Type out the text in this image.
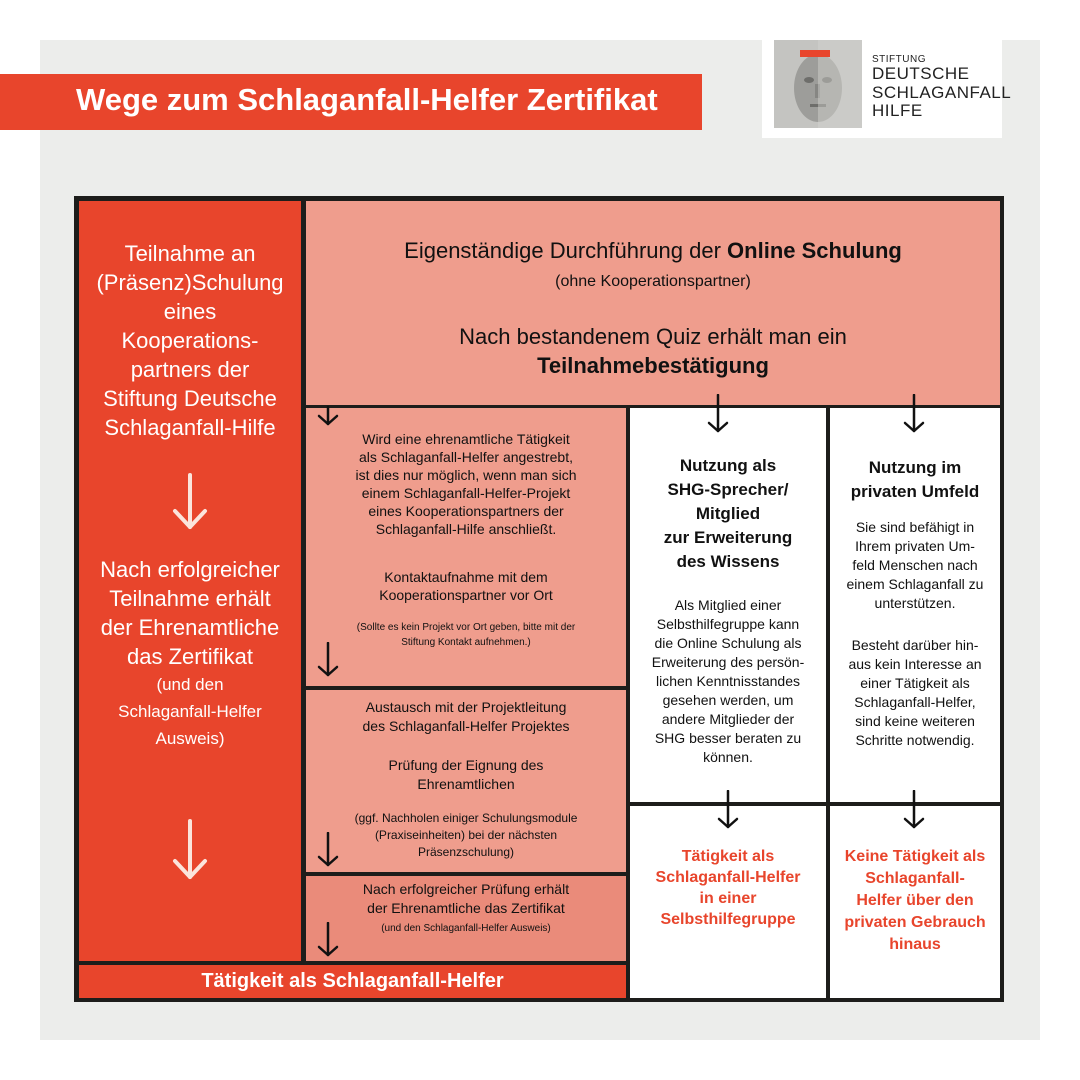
Wege zum Schlaganfall-Helfer Zertifikat
STIFTUNG
DEUTSCHE
SCHLAGANFALL
HILFE
Teilnahme an
(Präsenz)Schulung
eines
Kooperations-
partners der
Stiftung Deutsche
Schlaganfall-Hilfe
Nach erfolgreicher
Teilnahme erhält
der Ehrenamtliche
das Zertifikat
(und den
Schlaganfall-Helfer
Ausweis)
Eigenständige Durchführung der Online Schulung
(ohne Kooperationspartner)
Nach bestandenem Quiz erhält man ein
Teilnahmebestätigung
Wird eine ehrenamtliche Tätigkeit
als Schlaganfall-Helfer angestrebt,
ist dies nur möglich, wenn man sich
einem Schlaganfall-Helfer-Projekt
eines Kooperationspartners der
Schlaganfall-Hilfe anschließt.
Kontaktaufnahme mit dem
Kooperationspartner vor Ort
(Sollte es kein Projekt vor Ort geben, bitte mit der
Stiftung Kontakt aufnehmen.)
Austausch mit der Projektleitung
des Schlaganfall-Helfer Projektes
Prüfung der Eignung des
Ehrenamtlichen
(ggf. Nachholen einiger Schulungsmodule
(Praxiseinheiten) bei der nächsten
Präsenzschulung)
Nach erfolgreicher Prüfung erhält
der Ehrenamtliche das Zertifikat
(und den Schlaganfall-Helfer Ausweis)
Tätigkeit als Schlaganfall-Helfer
Nutzung als
SHG-Sprecher/
Mitglied
zur Erweiterung
des Wissens
Als Mitglied einer
Selbsthilfegruppe kann
die Online Schulung als
Erweiterung des persön-
lichen Kenntnisstandes
gesehen werden, um
andere Mitglieder der
SHG besser beraten zu
können.
Nutzung im
privaten Umfeld
Sie sind befähigt in
Ihrem privaten Um-
feld Menschen nach
einem Schlaganfall zu
unterstützen.
Besteht darüber hin-
aus kein Interesse an
einer Tätigkeit als
Schlaganfall-Helfer,
sind keine weiteren
Schritte notwendig.
Tätigkeit als
Schlaganfall-Helfer
in einer
Selbsthilfegruppe
Keine Tätigkeit als
Schlaganfall-
Helfer über den
privaten Gebrauch
hinaus
